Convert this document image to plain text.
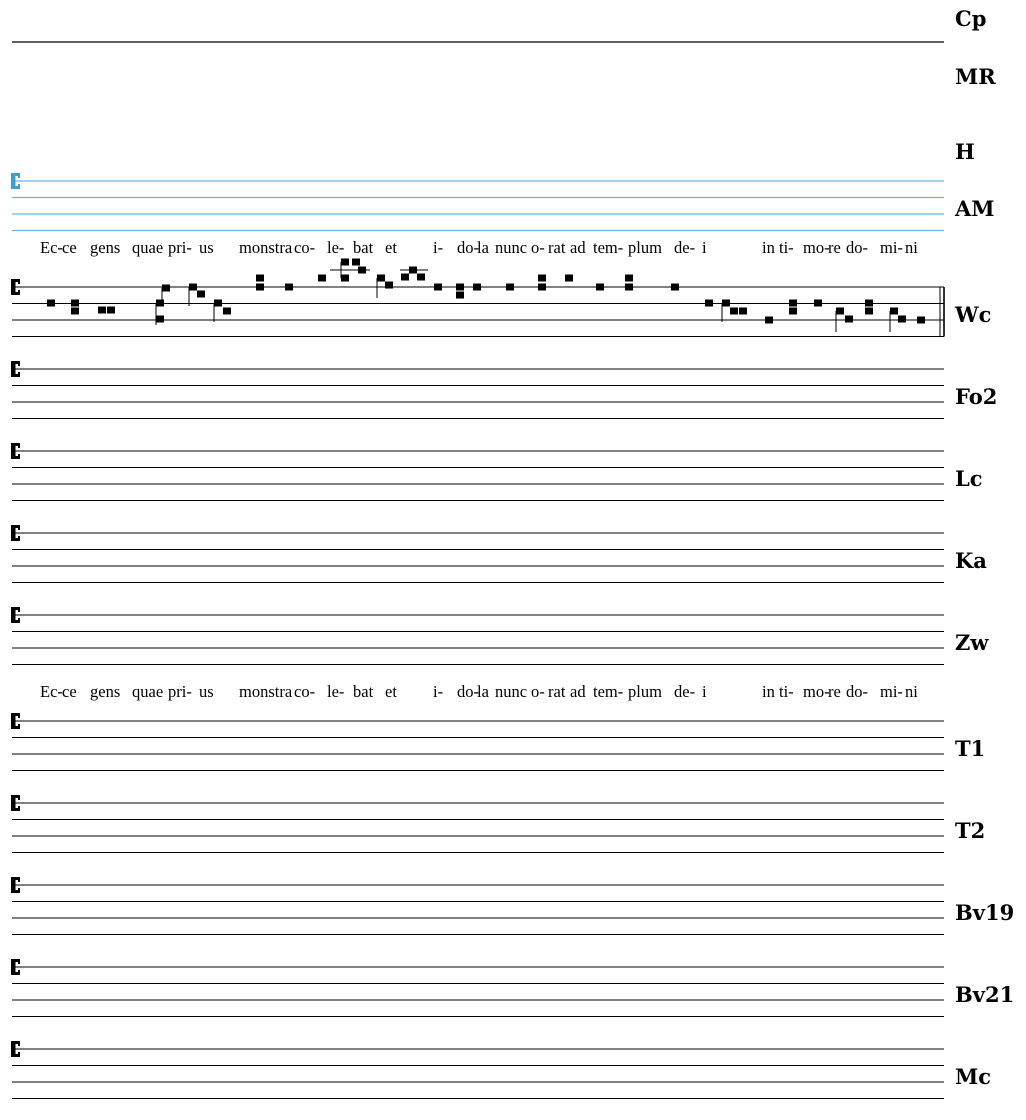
Cp
MR
H
AM
Wc
Fo2
Lc
Ka
Zw
T1
T2
Bv19
Bv21
Mc
Ec- ce gens quae pri- us monstra co- le- bat et i- do-
la nunc o- rat ad tem- plum de- i	in ti- mo-
re do- mi- ni
Ec- ce gens quae pri- us monstra co- le- bat et i- do-
la nunc o- rat ad tem- plum de- i	in ti- mo-
re do- mi- ni
